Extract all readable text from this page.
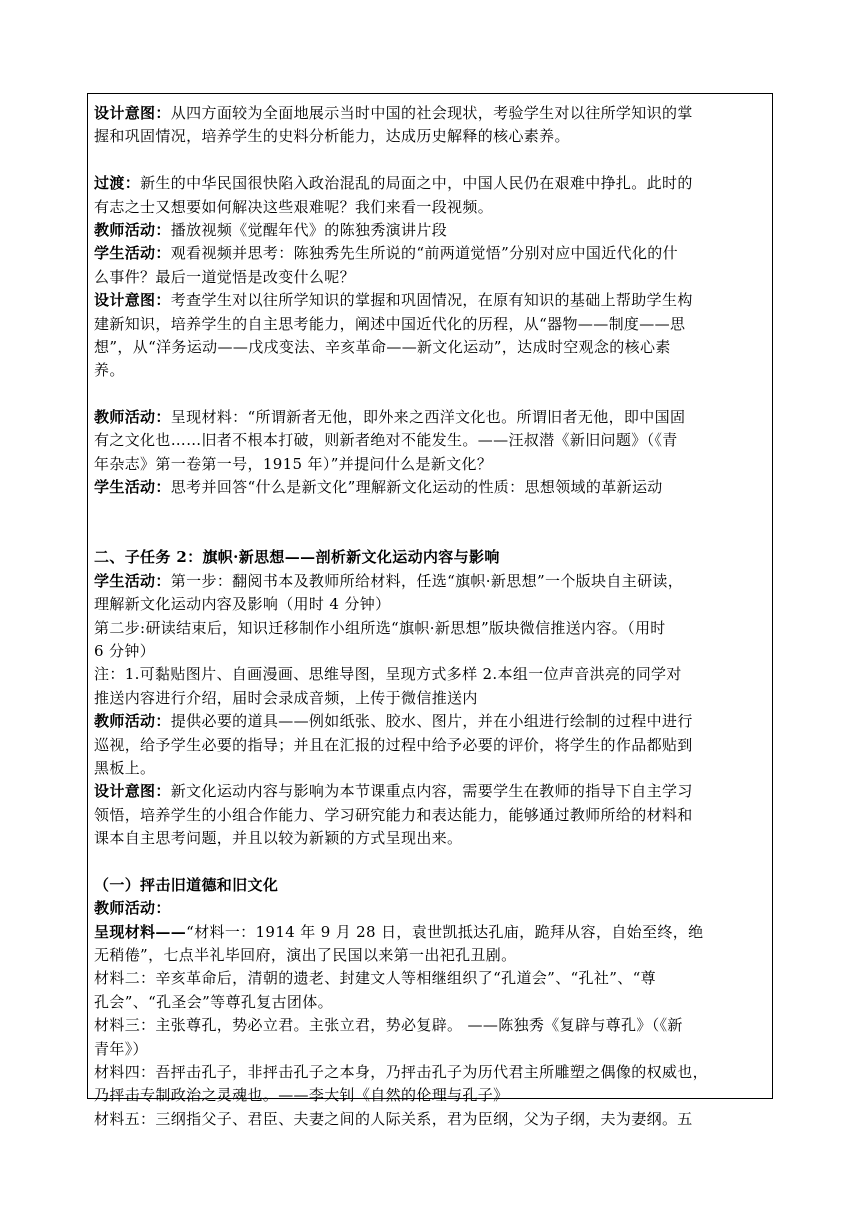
设计意图：从四方面较为全面地展示当时中国的社会现状，考验学生对以往所学知识的掌
握和巩固情况，培养学生的史料分析能力，达成历史解释的核心素养。
过渡：新生的中华民国很快陷入政治混乱的局面之中，中国人民仍在艰难中挣扎。此时的
有志之士又想要如何解决这些艰难呢？我们来看一段视频。
教师活动：播放视频《觉醒年代》的陈独秀演讲片段
学生活动：观看视频并思考：陈独秀先生所说的“前两道觉悟”分别对应中国近代化的什
么事件？最后一道觉悟是改变什么呢？
设计意图：考查学生对以往所学知识的掌握和巩固情况，在原有知识的基础上帮助学生构
建新知识，培养学生的自主思考能力，阐述中国近代化的历程，从“器物——制度——思
想”，从“洋务运动——戊戌变法、辛亥革命——新文化运动”，达成时空观念的核心素
养。
教师活动：呈现材料：“所谓新者无他，即外来之西洋文化也。所谓旧者无他，即中国固
有之文化也……旧者不根本打破，则新者绝对不能发生。——汪叔潜《新旧问题》（《青
年杂志》第一卷第一号，1915 年）”并提问什么是新文化？
学生活动：思考并回答“什么是新文化”理解新文化运动的性质：思想领域的革新运动
二、子任务 2：旗帜·新思想——剖析新文化运动内容与影响
学生活动：第一步：翻阅书本及教师所给材料，任选“旗帜·新思想”一个版块自主研读，
理解新文化运动内容及影响（用时 4 分钟）
第二步:研读结束后，知识迁移制作小组所选“旗帜·新思想”版块微信推送内容。（用时
6 分钟）
注：1.可黏贴图片、自画漫画、思维导图，呈现方式多样 2.本组一位声音洪亮的同学对
推送内容进行介绍，届时会录成音频，上传于微信推送内
教师活动：提供必要的道具——例如纸张、胶水、图片，并在小组进行绘制的过程中进行
巡视，给予学生必要的指导；并且在汇报的过程中给予必要的评价，将学生的作品都贴到
黑板上。
设计意图：新文化运动内容与影响为本节课重点内容，需要学生在教师的指导下自主学习
领悟，培养学生的小组合作能力、学习研究能力和表达能力，能够通过教师所给的材料和
课本自主思考问题，并且以较为新颖的方式呈现出来。
（一）抨击旧道德和旧文化
教师活动：
呈现材料——“材料一：1914 年 9 月 28 日，袁世凯抵达孔庙，跪拜从容，自始至终，绝
无稍倦”，七点半礼毕回府，演出了民国以来第一出祀孔丑剧。
材料二：辛亥革命后，清朝的遗老、封建文人等相继组织了“孔道会”、“孔社”、“尊
孔会”、“孔圣会”等尊孔复古团体。
材料三：主张尊孔，势必立君。主张立君，势必复辟。 ——陈独秀《复辟与尊孔》（《新
青年》）
材料四：吾抨击孔子，非抨击孔子之本身，乃抨击孔子为历代君主所雕塑之偶像的权威也，
乃抨击专制政治之灵魂也。——李大钊《自然的伦理与孔子》
材料五：三纲指父子、君臣、夫妻之间的人际关系，君为臣纲，父为子纲，夫为妻纲。五
